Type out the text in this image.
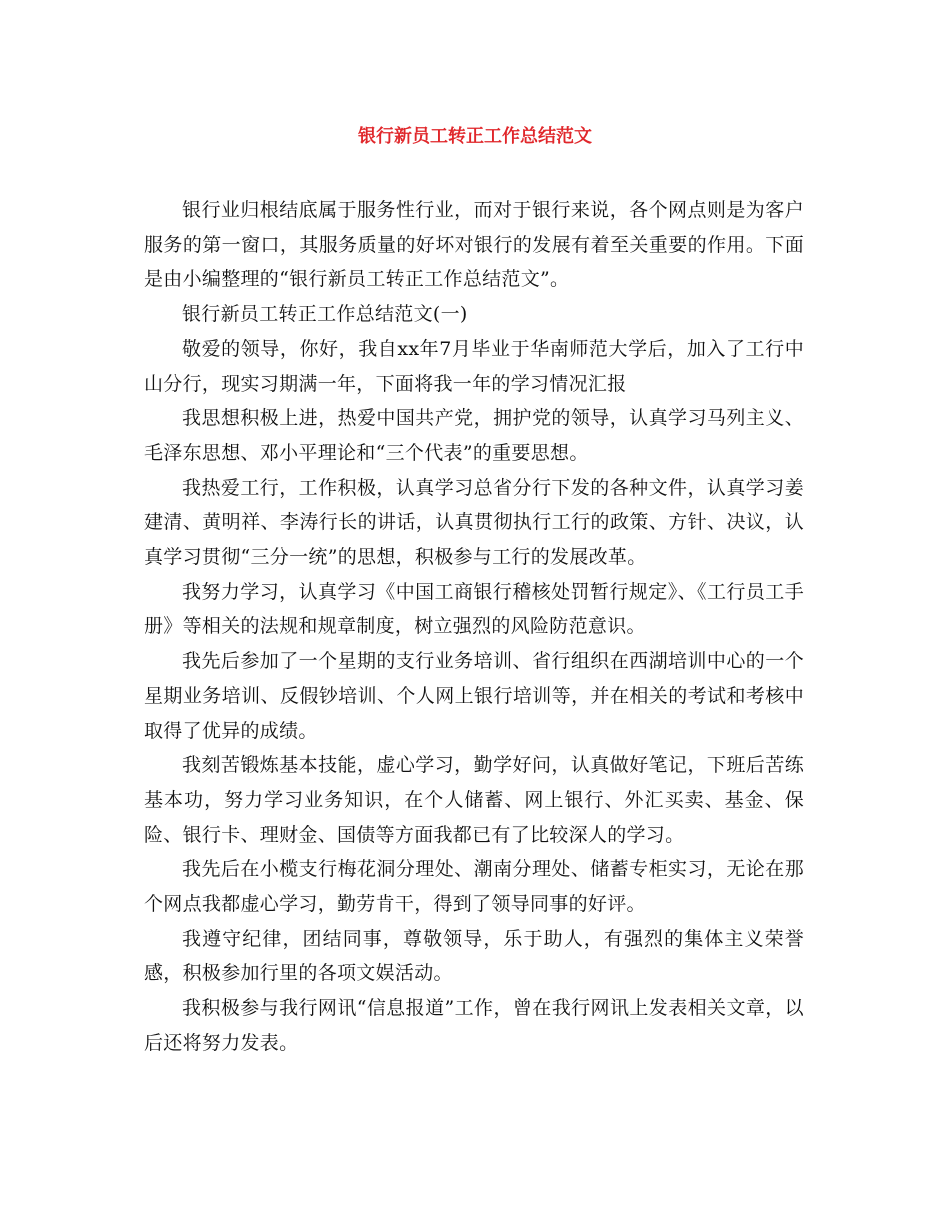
银行新员工转正工作总结范文

银行业归根结底属于服务性行业，而对于银行来说，各个网点则是为客户服务的第一窗口，其服务质量的好坏对银行的发展有着至关重要的作用。下面是由小编整理的“银行新员工转正工作总结范文”。

银行新员工转正工作总结范文(一)

敬爱的领导，你好，我自xx年7月毕业于华南师范大学后，加入了工行中山分行，现实习期满一年，下面将我一年的学习情况汇报

我思想积极上进，热爱中国共产党，拥护党的领导，认真学习马列主义、毛泽东思想、邓小平理论和“三个代表”的重要思想。

我热爱工行，工作积极，认真学习总省分行下发的各种文件，认真学习姜建清、黄明祥、李涛行长的讲话，认真贯彻执行工行的政策、方针、决议，认真学习贯彻“三分一统”的思想，积极参与工行的发展改革。

我努力学习，认真学习《中国工商银行稽核处罚暂行规定》、《工行员工手册》等相关的法规和规章制度，树立强烈的风险防范意识。

我先后参加了一个星期的支行业务培训、省行组织在西湖培训中心的一个星期业务培训、反假钞培训、个人网上银行培训等，并在相关的考试和考核中取得了优异的成绩。

我刻苦锻炼基本技能，虚心学习，勤学好问，认真做好笔记，下班后苦练基本功，努力学习业务知识，在个人储蓄、网上银行、外汇买卖、基金、保险、银行卡、理财金、国债等方面我都已有了比较深人的学习。

我先后在小榄支行梅花洞分理处、潮南分理处、储蓄专柜实习，无论在那个网点我都虚心学习，勤劳肯干，得到了领导同事的好评。

我遵守纪律，团结同事，尊敬领导，乐于助人，有强烈的集体主义荣誉感，积极参加行里的各项文娱活动。

我积极参与我行网讯“信息报道”工作，曾在我行网讯上发表相关文章，以后还将努力发表。
